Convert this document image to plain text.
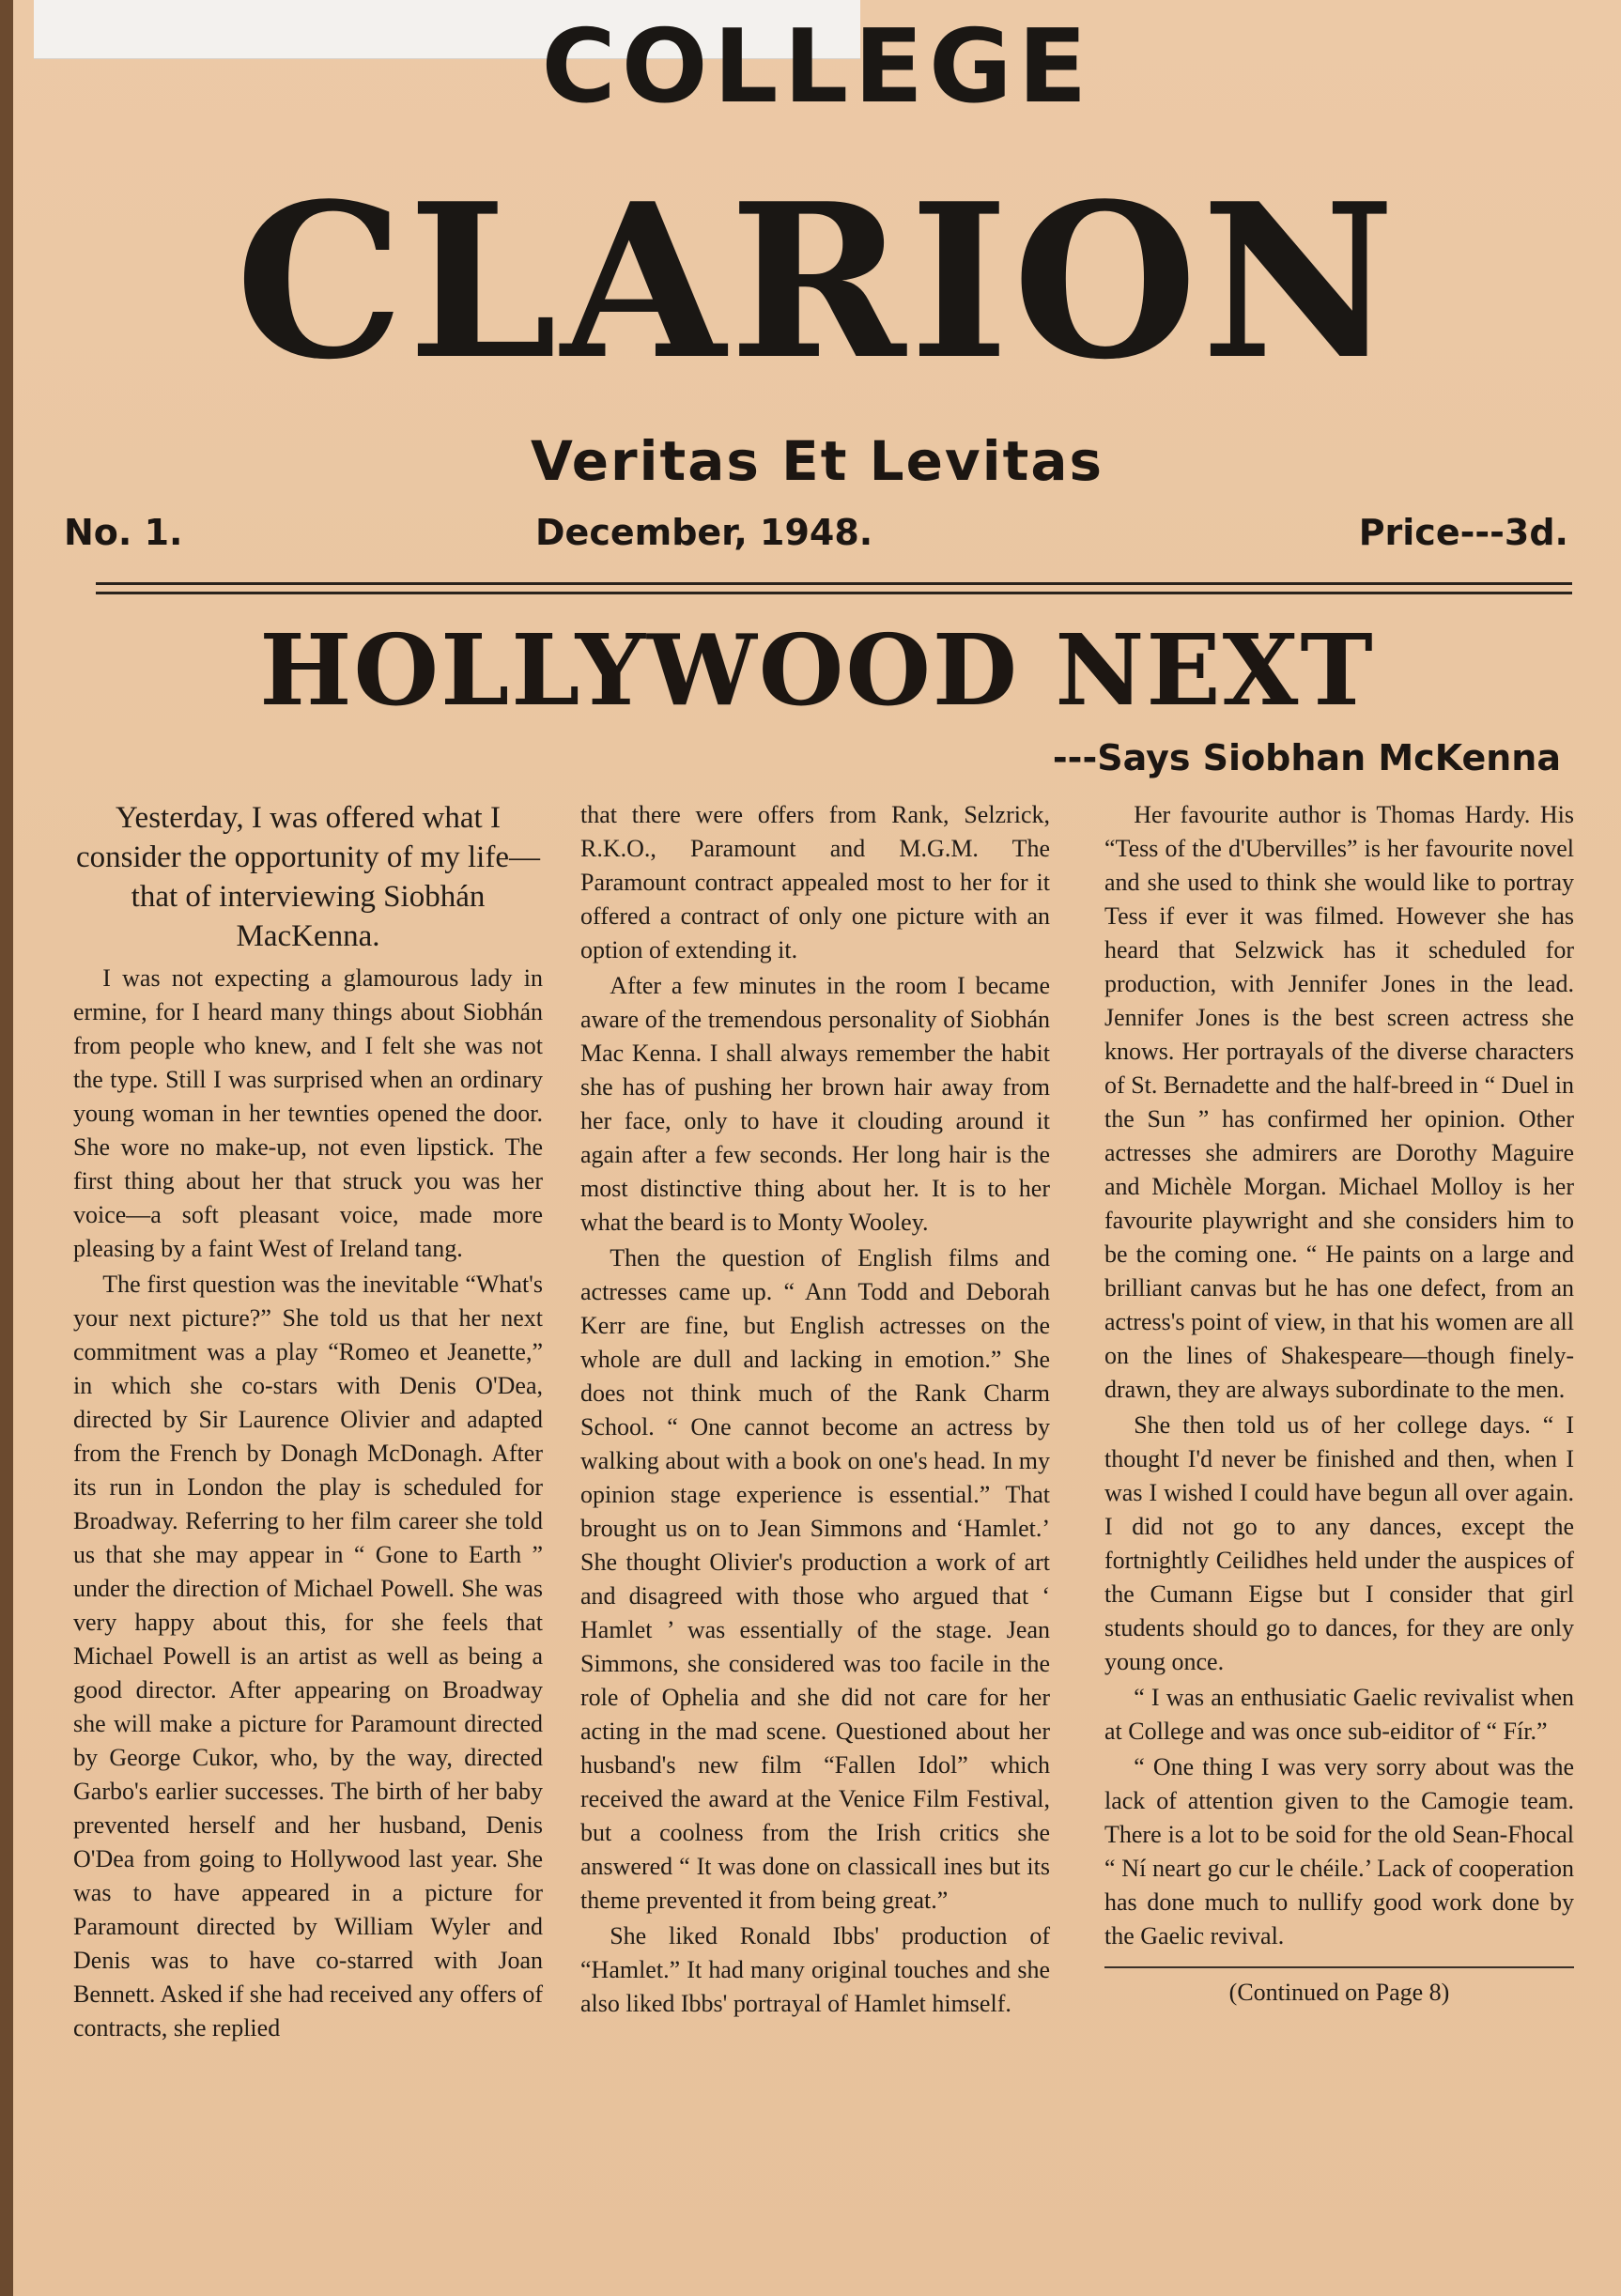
COLLEGE
CLARION
Veritas Et Levitas
No. 1.	December, 1948.	Price---3d.
HOLLYWOOD NEXT
---Says Siobhan McKenna

Yesterday, I was offered what I consider the opportunity of my life—that of interviewing Siobhán MacKenna.

I was not expecting a glamourous lady in ermine, for I heard many things about Siobhán from people who knew, and I felt she was not the type. Still I was surprised when an ordinary young woman in her tewnties opened the door. She wore no make-up, not even lipstick. The first thing about her that struck you was her voice—a soft pleasant voice, made more pleasing by a faint West of Ireland tang.

The first question was the inevitable “What's your next picture?” She told us that her next commitment was a play “Romeo et Jeanette,” in which she co-stars with Denis O'Dea, directed by Sir Laurence Olivier and adapted from the French by Donagh McDonagh. After its run in London the play is scheduled for Broadway. Referring to her film career she told us that she may appear in “ Gone to Earth ” under the direction of Michael Powell. She was very happy about this, for she feels that Michael Powell is an artist as well as being a good director. After appearing on Broadway she will make a picture for Paramount directed by George Cukor, who, by the way, directed Garbo's earlier successes. The birth of her baby prevented herself and her husband, Denis O'Dea from going to Hollywood last year. She was to have appeared in a picture for Paramount directed by William Wyler and Denis was to have co-starred with Joan Bennett. Asked if she had received any offers of contracts, she replied

that there were offers from Rank, Selzrick, R.K.O., Paramount and M.G.M. The Paramount contract appealed most to her for it offered a contract of only one picture with an option of extending it.

After a few minutes in the room I became aware of the tremendous personality of Siobhán Mac Kenna. I shall always remember the habit she has of pushing her brown hair away from her face, only to have it clouding around it again after a few seconds. Her long hair is the most distinctive thing about her. It is to her what the beard is to Monty Wooley.

Then the question of English films and actresses came up. “ Ann Todd and Deborah Kerr are fine, but English actresses on the whole are dull and lacking in emotion.” She does not think much of the Rank Charm School. “ One cannot become an actress by walking about with a book on one's head. In my opinion stage experience is essential.” That brought us on to Jean Simmons and ‘Hamlet.’ She thought Olivier's production a work of art and disagreed with those who argued that ‘ Hamlet ’ was essentially of the stage. Jean Simmons, she considered was too facile in the role of Ophelia and she did not care for her acting in the mad scene. Questioned about her husband's new film “Fallen Idol” which received the award at the Venice Film Festival, but a coolness from the Irish critics she answered “ It was done on classicall ines but its theme prevented it from being great.”

She liked Ronald Ibbs' production of “Hamlet.” It had many original touches and she also liked Ibbs' portrayal of Hamlet himself.

Her favourite author is Thomas Hardy. His “Tess of the d'Ubervilles” is her favourite novel and she used to think she would like to portray Tess if ever it was filmed. However she has heard that Selzwick has it scheduled for production, with Jennifer Jones in the lead. Jennifer Jones is the best screen actress she knows. Her portrayals of the diverse characters of St. Bernadette and the half-breed in “ Duel in the Sun ” has confirmed her opinion. Other actresses she admirers are Dorothy Maguire and Michèle Morgan. Michael Molloy is her favourite playwright and she considers him to be the coming one. “ He paints on a large and brilliant canvas but he has one defect, from an actress's point of view, in that his women are all on the lines of Shakespeare—though finely-drawn, they are always subordinate to the men.

She then told us of her college days. “ I thought I'd never be finished and then, when I was I wished I could have begun all over again. I did not go to any dances, except the fortnightly Ceilidhes held under the auspices of the Cumann Eigse but I consider that girl students should go to dances, for they are only young once.

“ I was an enthusiatic Gaelic revivalist when at College and was once sub-eiditor of “ Fír.”

“ One thing I was very sorry about was the lack of attention given to the Camogie team. There is a lot to be soid for the old Sean-Fhocal “ Ní neart go cur le chéile.’ Lack of cooperation has done much to nullify good work done by the Gaelic revival.

(Continued on Page 8)
